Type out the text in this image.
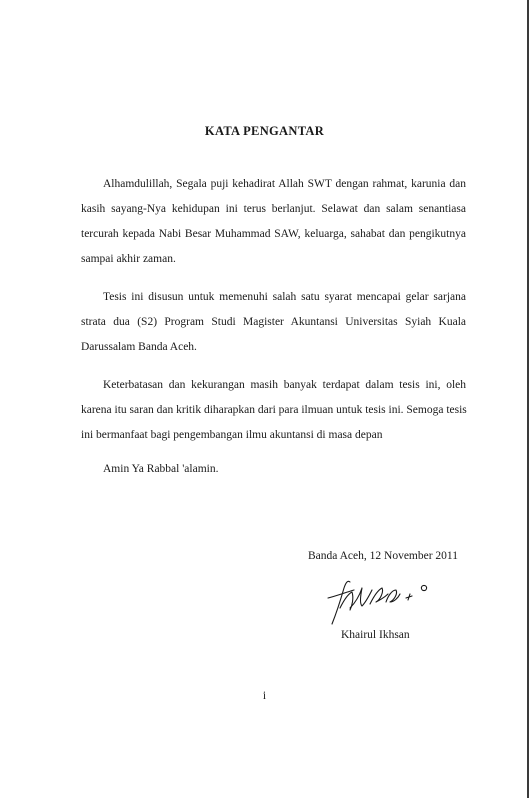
KATA PENGANTAR
Alhamdulillah, Segala puji kehadirat Allah SWT dengan rahmat, karunia dan
kasih sayang-Nya kehidupan ini terus berlanjut. Selawat dan salam senantiasa
tercurah kepada Nabi Besar Muhammad SAW, keluarga, sahabat dan pengikutnya
sampai akhir zaman.
Tesis ini disusun untuk memenuhi salah satu syarat mencapai gelar sarjana
strata dua (S2) Program Studi Magister Akuntansi Universitas Syiah Kuala
Darussalam Banda Aceh.
Keterbatasan dan kekurangan masih banyak terdapat dalam tesis ini, oleh
karena itu saran dan kritik diharapkan dari para ilmuan untuk tesis ini. Semoga tesis
ini bermanfaat bagi pengembangan ilmu akuntansi di masa depan
Amin Ya Rabbal 'alamin.
Banda Aceh, 12 November 2011
Khairul Ikhsan
i
